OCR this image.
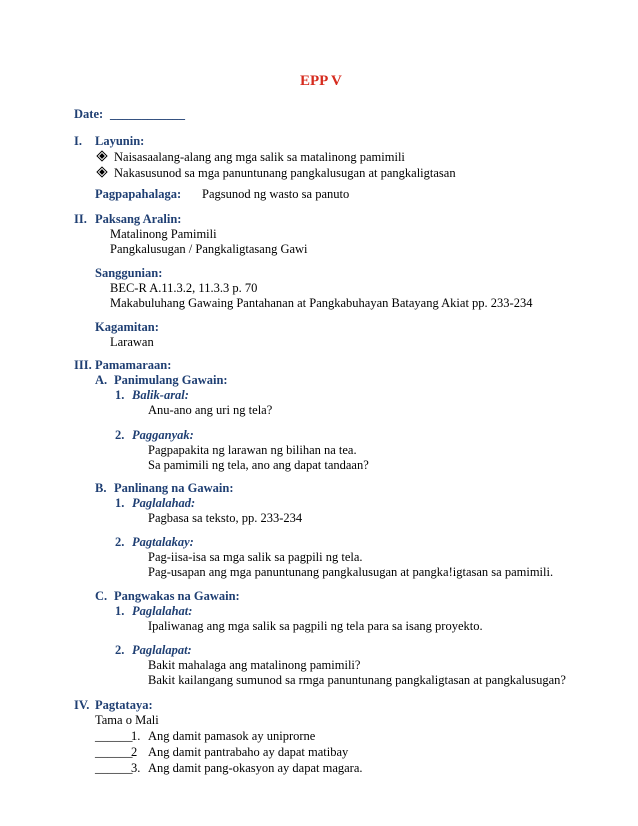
EPP V
Date: ____________
I. Layunin:
Naisasaalang-alang ang mga salik sa matalinong pamimili
Nakasusunod sa mga panuntunang pangkalusugan at pangkaligtasan
Pagpapahalaga: Pagsunod ng wasto sa panuto
II. Paksang Aralin:
Matalinong Pamimili
Pangkalusugan / Pangkaligtasang Gawi
Sanggunian:
BEC-R A.11.3.2, 11.3.3 p. 70
Makabuluhang Gawaing Pantahanan at Pangkabuhayan Batayang Akiat pp. 233-234
Kagamitan:
Larawan
III. Pamamaraan:
A. Panimulang Gawain:
1. Balik-aral:
Anu-ano ang uri ng tela?
2. Pagganyak:
Pagpapakita ng larawan ng bilihan na tea.
Sa pamimili ng tela, ano ang dapat tandaan?
B. Panlinang na Gawain:
1. Paglalahad:
Pagbasa sa teksto, pp. 233-234
2. Pagtalakay:
Pag-iisa-isa sa mga salik sa pagpili ng tela.
Pag-usapan ang mga panuntunang pangkalusugan at pangka!igtasan sa pamimili.
C. Pangwakas na Gawain:
1. Paglalahat:
Ipaliwanag ang mga salik sa pagpili ng tela para sa isang proyekto.
2. Paglalapat:
Bakit mahalaga ang matalinong pamimili?
Bakit kailangang sumunod sa rmga panuntunang pangkaligtasan at pangkalusugan?
IV. Pagtataya:
Tama o Mali
______
1. Ang damit pamasok ay uniprorne
______
2 Ang damit pantrabaho ay dapat matibay
______
3. Ang damit pang-okasyon ay dapat magara.
